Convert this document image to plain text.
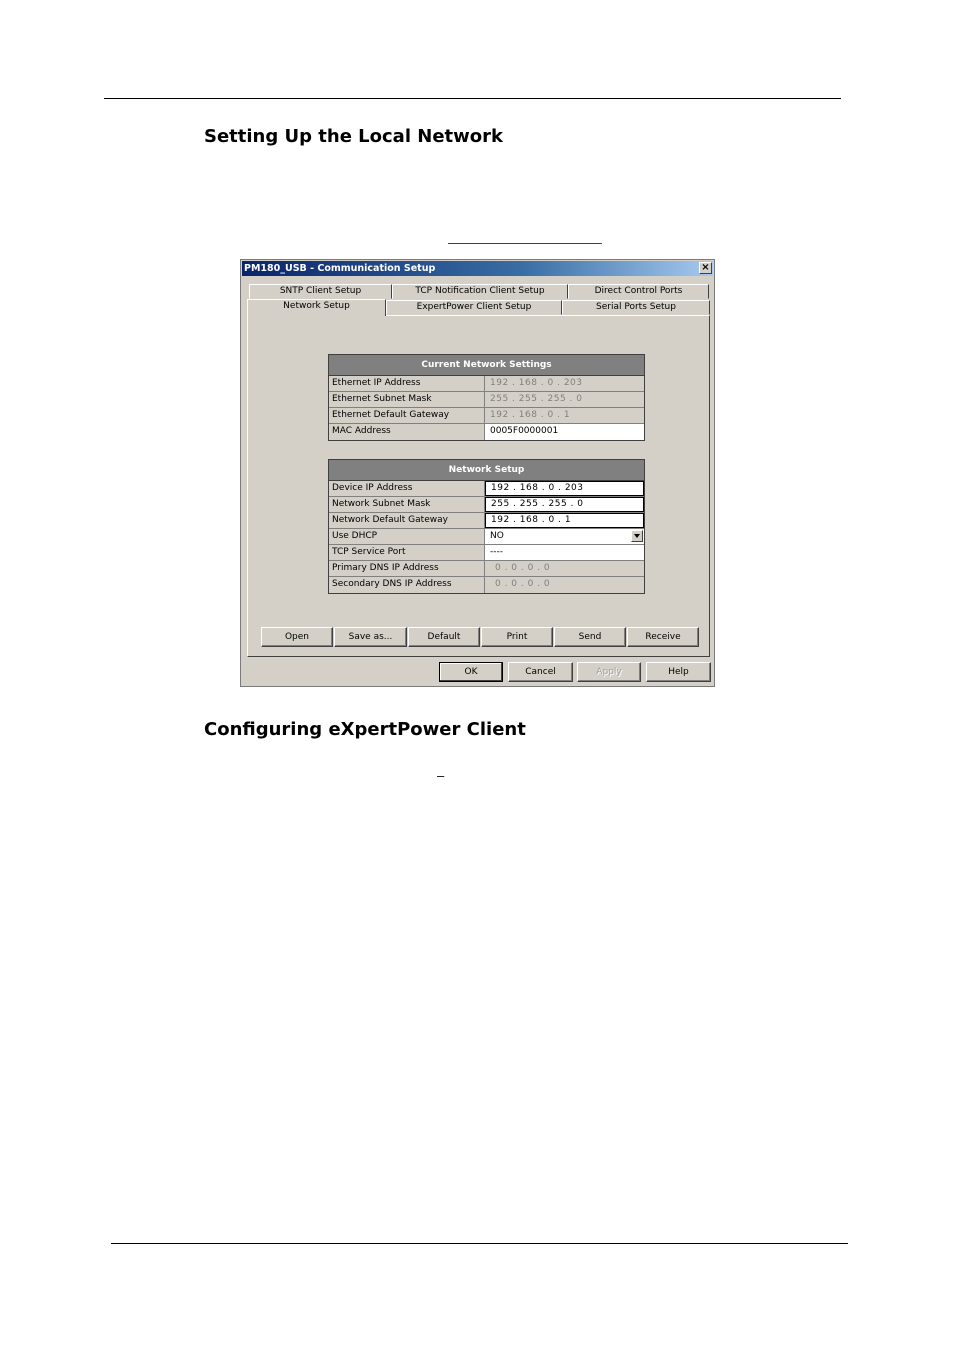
Setting Up the Local Network
PM180_USB - Communication Setup	×
SNTP Client Setup	TCP Notification Client Setup	Direct Control Ports
Network Setup	ExpertPower Client Setup	Serial Ports Setup
Current Network Settings
Ethernet IP Address	192 . 168 . 0 . 203
Ethernet Subnet Mask	255 . 255 . 255 . 0
Ethernet Default Gateway	192 . 168 . 0 . 1
MAC Address	0005F0000001
Network Setup
Device IP Address	192 . 168 . 0 . 203
Network Subnet Mask	255 . 255 . 255 . 0
Network Default Gateway	192 . 168 . 0 . 1
Use DHCP	NO
TCP Service Port	----
Primary DNS IP Address	0 . 0 . 0 . 0
Secondary DNS IP Address	0 . 0 . 0 . 0
Open	Save as...	Default	Print	Send	Receive
OK	Cancel	Apply	Help
Configuring eXpertPower Client
–
